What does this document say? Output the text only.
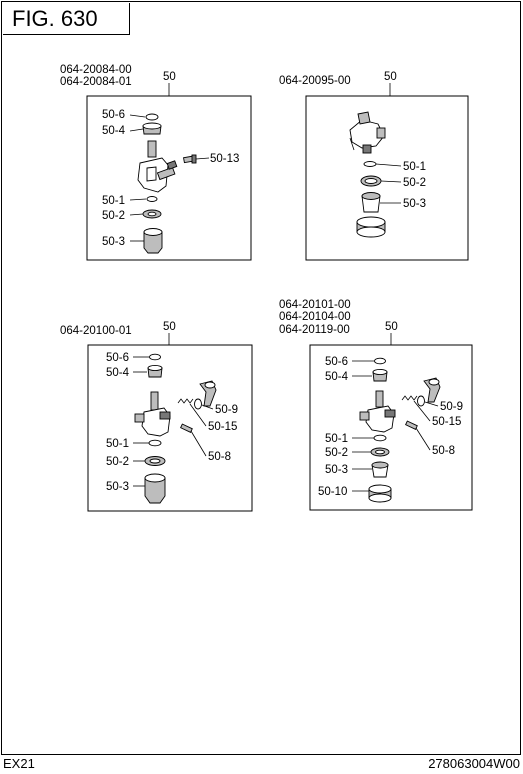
FIG. 630
EX21	278063004W00
064-20084-00
064-20084-01	50
50-6
50-4
50-13
50-1
50-2
50-3
064-20095-00	50
50-1
50-2
50-3
064-20100-01	50
50-6
50-4
50-9
50-15
50-1
50-8
50-2
50-3
064-20101-00
064-20104-00
064-20119-00	50
50-6
50-4
50-9
50-15
50-1
50-8
50-2
50-3
50-10
